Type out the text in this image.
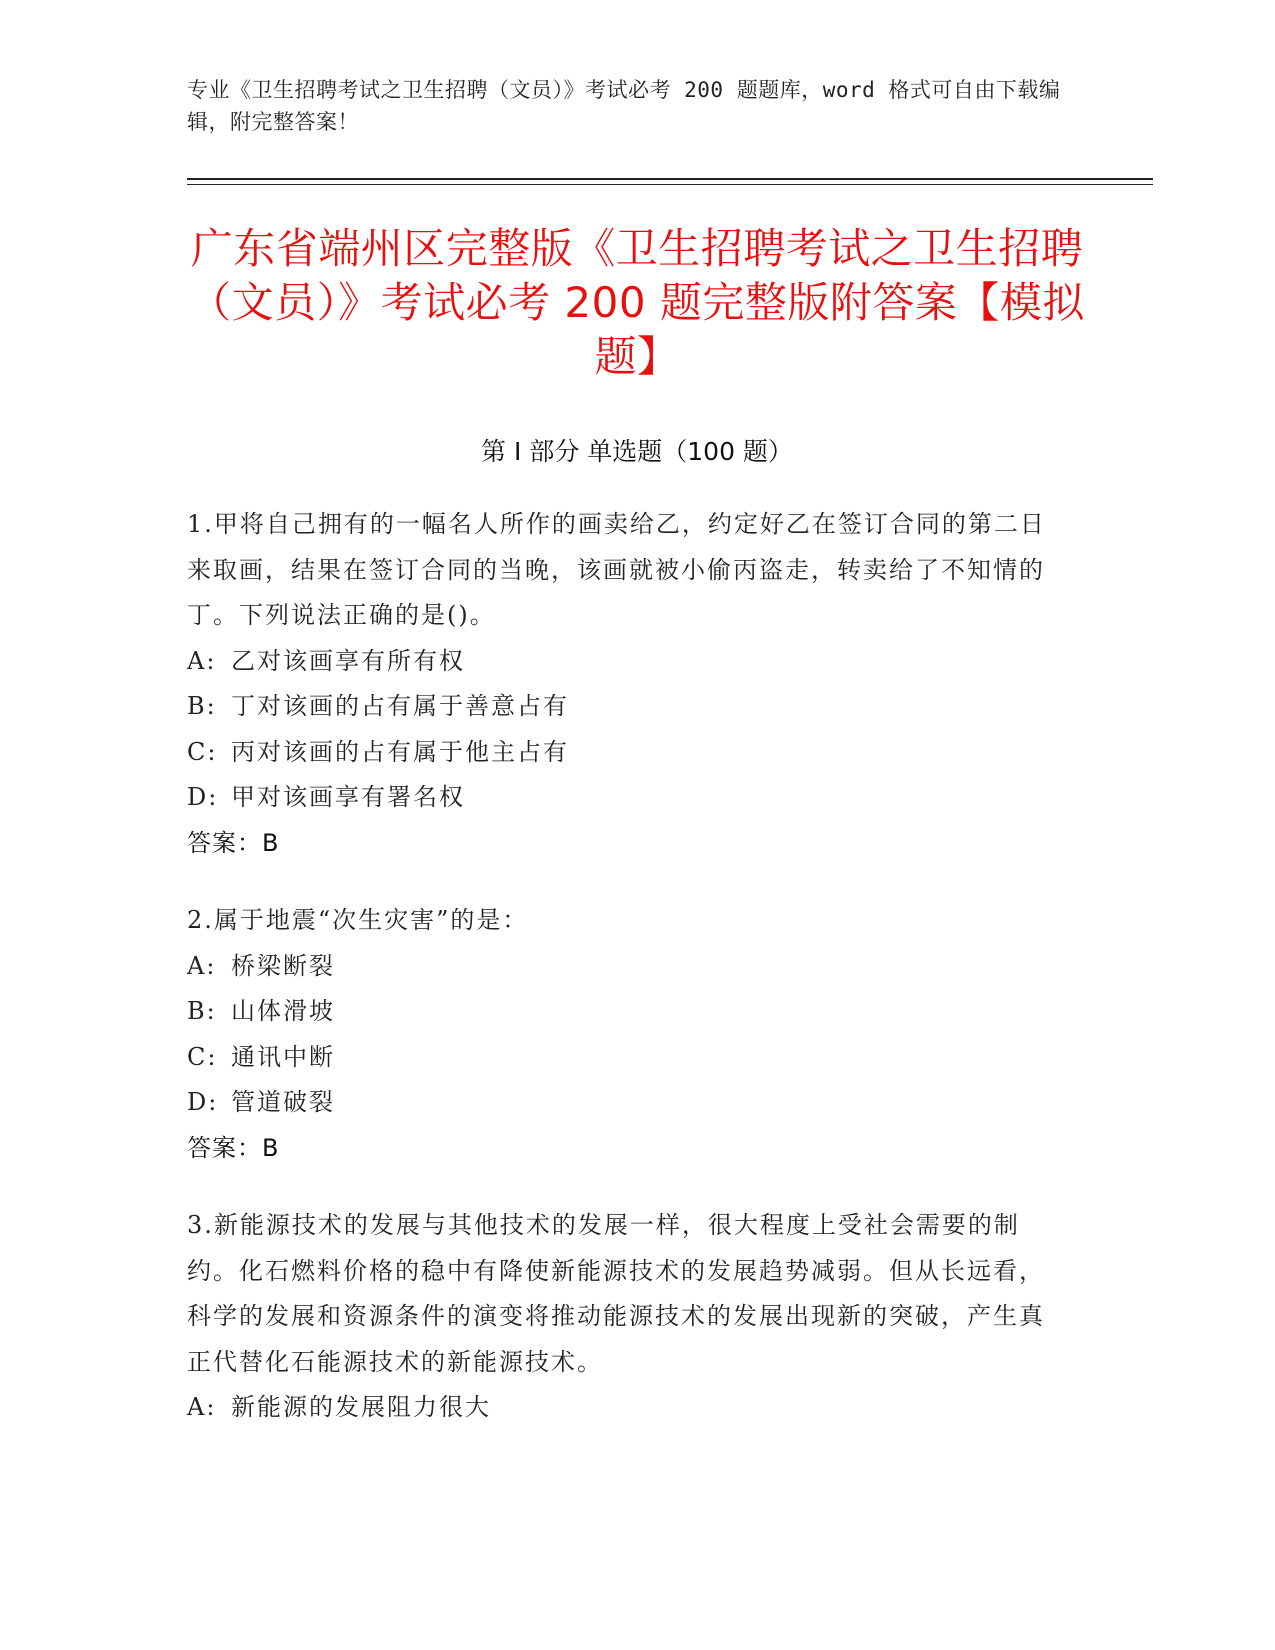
专业《卫生招聘考试之卫生招聘（文员）》考试必考 200 题题库，word 格式可自由下载编辑，附完整答案！
广东省端州区完整版《卫生招聘考试之卫生招聘（文员）》考试必考 200 题完整版附答案【模拟题】
第 I 部分 单选题（100 题）
1.甲将自己拥有的一幅名人所作的画卖给乙，约定好乙在签订合同的第二日来取画，结果在签订合同的当晚，该画就被小偷丙盗走，转卖给了不知情的丁。下列说法正确的是()。
A: 乙对该画享有所有权
B: 丁对该画的占有属于善意占有
C: 丙对该画的占有属于他主占有
D: 甲对该画享有署名权
答案：B
2.属于地震“次生灾害”的是：
A: 桥梁断裂
B: 山体滑坡
C: 通讯中断
D: 管道破裂
答案：B
3.新能源技术的发展与其他技术的发展一样，很大程度上受社会需要的制约。化石燃料价格的稳中有降使新能源技术的发展趋势减弱。但从长远看，科学的发展和资源条件的演变将推动能源技术的发展出现新的突破，产生真正代替化石能源技术的新能源技术。
A: 新能源的发展阻力很大
